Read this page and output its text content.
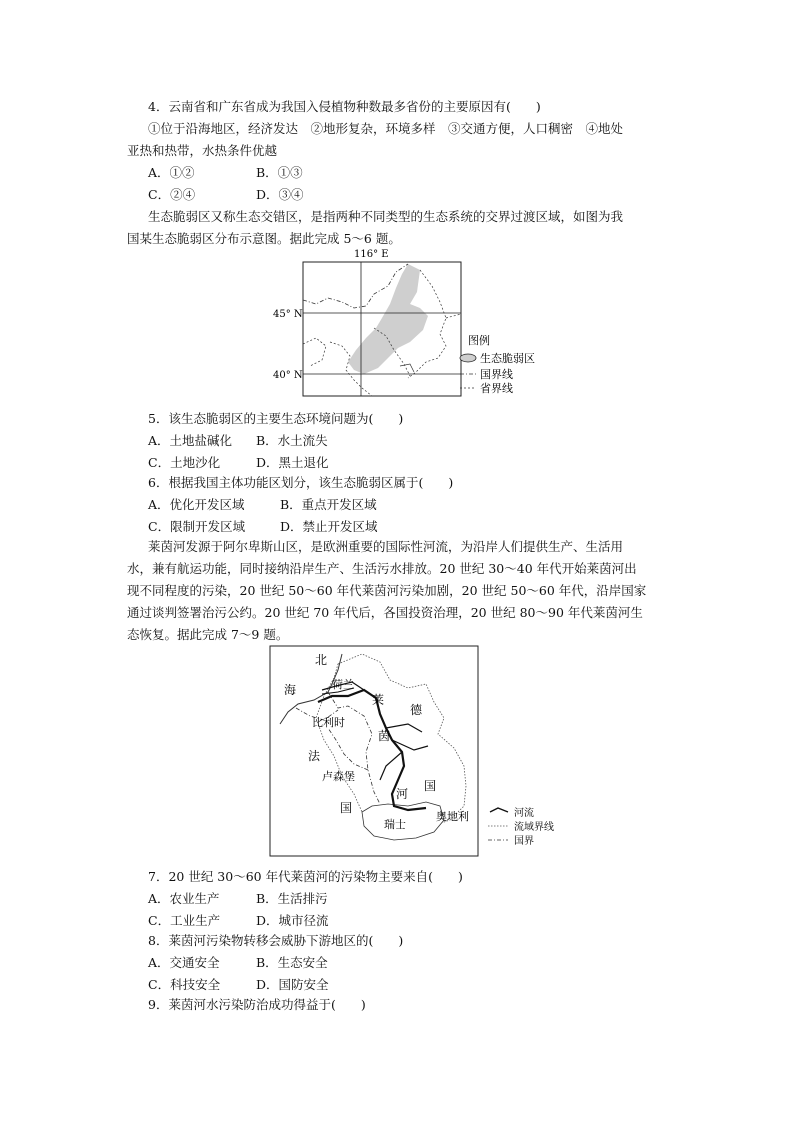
4．云南省和广东省成为我国入侵植物种数最多省份的主要原因有(　　)
①位于沿海地区，经济发达　②地形复杂，环境多样　③交通方便，人口稠密　④地处
亚热和热带，水热条件优越
A．①②	B．①③
C．②④	D．③④
生态脆弱区又称生态交错区，是指两种不同类型的生态系统的交界过渡区域，如图为我
国某生态脆弱区分布示意图。据此完成 5～6 题。
116° E
45° N
40° N
图例
生态脆弱区
国界线
省界线
5．该生态脆弱区的主要生态环境问题为(　　)
A．土地盐碱化 B．水土流失
C．土地沙化	D．黑土退化
6．根据我国主体功能区划分，该生态脆弱区属于(　　)
A．优化开发区域	B．重点开发区域
C．限制开发区域	D．禁止开发区域
莱茵河发源于阿尔卑斯山区，是欧洲重要的国际性河流，为沿岸人们提供生产、生活用
水，兼有航运功能，同时接纳沿岸生产、生活污水排放。20 世纪 30～40 年代开始莱茵河出
现不同程度的污染，20 世纪 50～60 年代莱茵河污染加剧，20 世纪 50～60 年代，沿岸国家
通过谈判签署治污公约。20 世纪 70 年代后，各国投资治理，20 世纪 80～90 年代莱茵河生
态恢复。据此完成 7～9 题。
北
海	荷兰
莱
德
比利时
茵
法
卢森堡
国
河
国
瑞士
奥地利	河流
流域界线
国界
7．20 世纪 30～60 年代莱茵河的污染物主要来自(　　)
A．农业生产	B．生活排污
C．工业生产	D．城市径流
8．莱茵河污染物转移会威胁下游地区的(　　)
A．交通安全	B．生态安全
C．科技安全	D．国防安全
9．莱茵河水污染防治成功得益于(　　)
